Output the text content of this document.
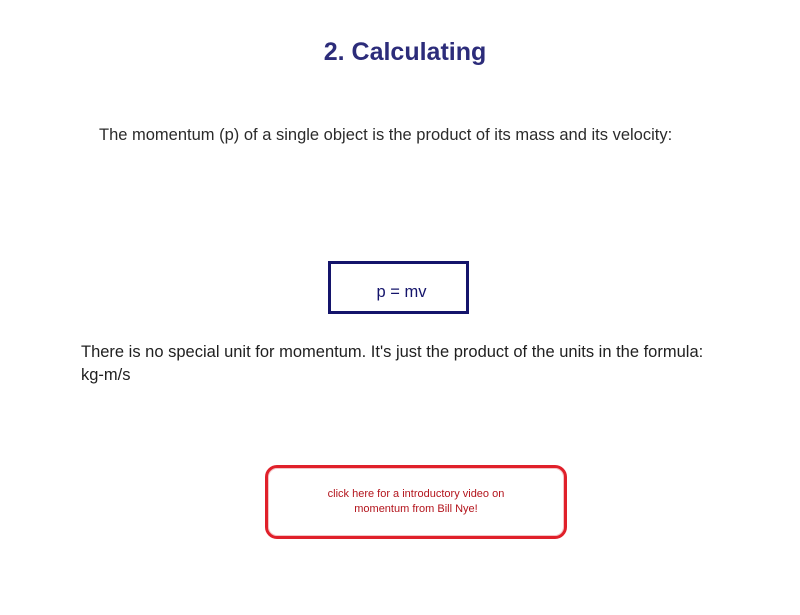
2. Calculating

The momentum (p) of a single object is the product of its mass and its velocity:

p = mv

There is no special unit for momentum. It's just the product of the units in the formula: kg-m/s

click here for a introductory video on momentum from Bill Nye!
